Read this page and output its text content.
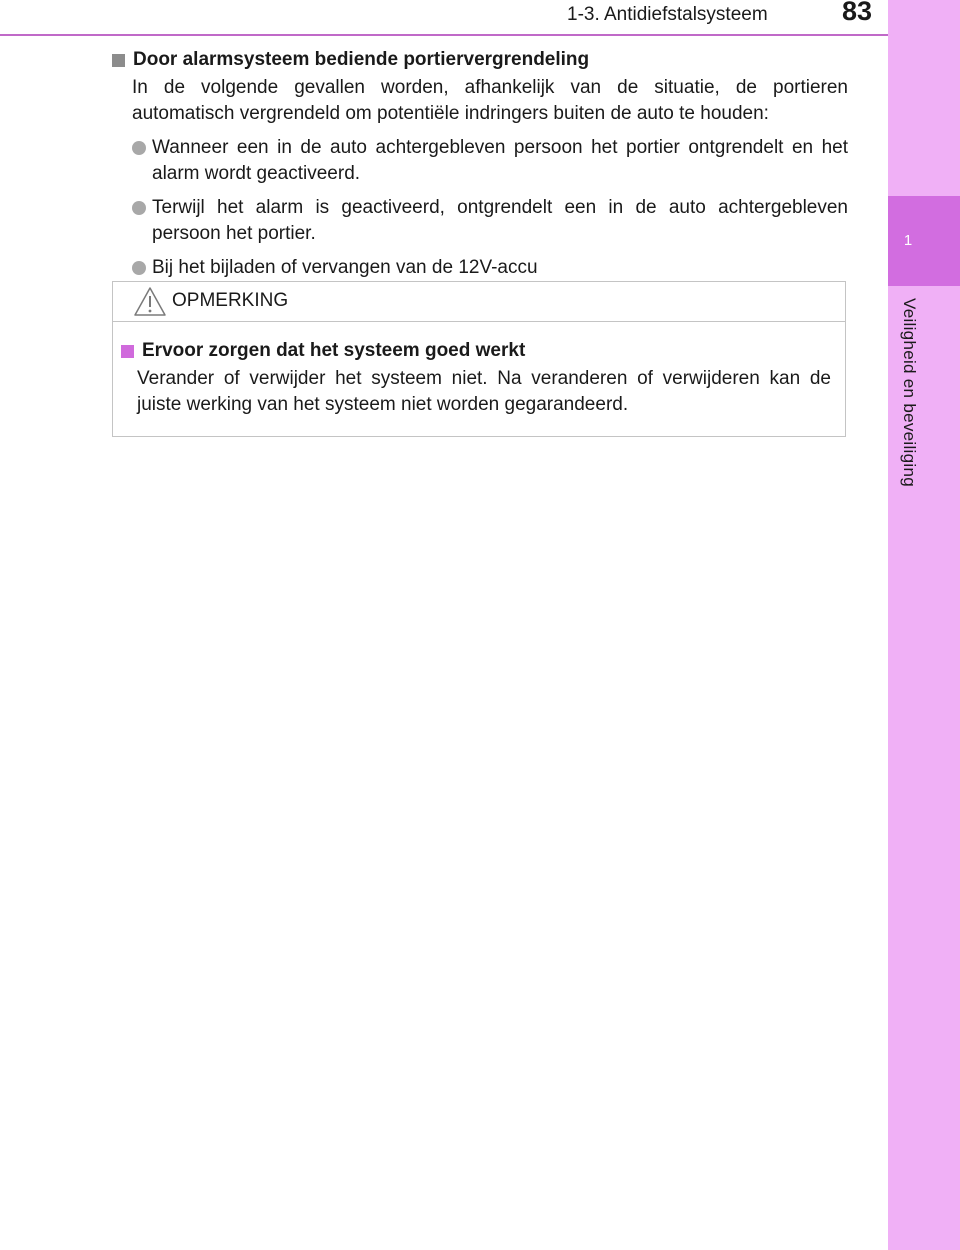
1-3. Antidiefstalsysteem	83
1
Veiligheid en beveiliging
Door alarmsysteem bediende portiervergrendeling
In de volgende gevallen worden, afhankelijk van de situatie, de portieren automatisch vergrendeld om potentiële indringers buiten de auto te houden:
Wanneer een in de auto achtergebleven persoon het portier ontgrendelt en het alarm wordt geactiveerd.
Terwijl het alarm is geactiveerd, ontgrendelt een in de auto achtergebleven persoon het portier.
Bij het bijladen of vervangen van de 12V-accu
OPMERKING
Ervoor zorgen dat het systeem goed werkt
Verander of verwijder het systeem niet. Na veranderen of verwijderen kan de juiste werking van het systeem niet worden gegarandeerd.
